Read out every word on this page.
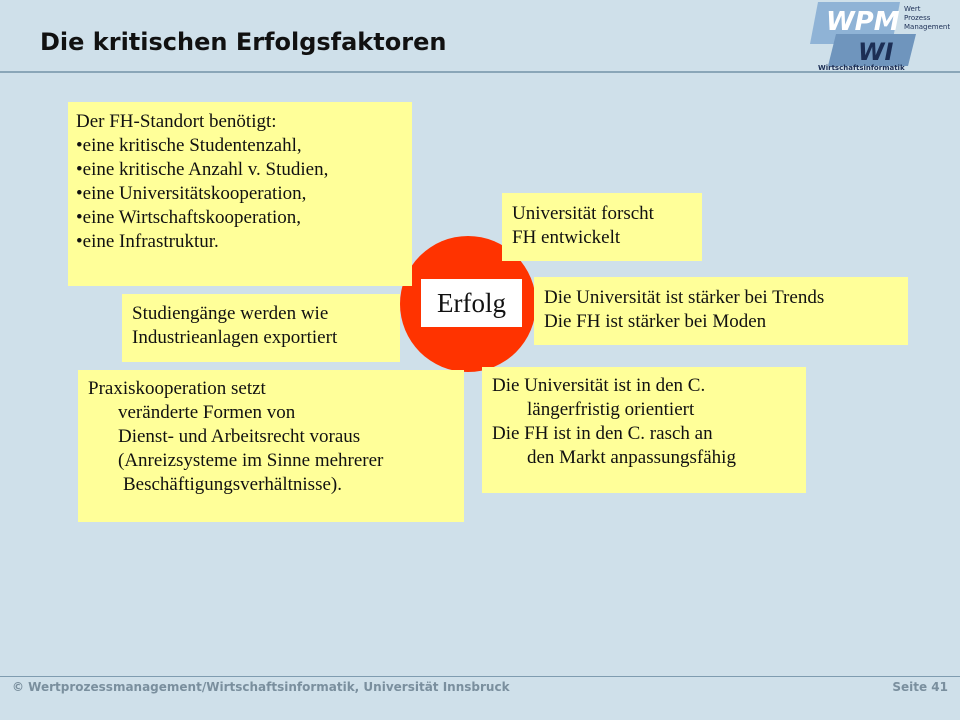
Die kritischen Erfolgsfaktoren
WPM
WI
Wert
Prozess
Management
Wirtschaftsinformatik
Erfolg
Der FH-Standort benötigt:
•eine kritische Studentenzahl,
•eine kritische Anzahl v. Studien,
•eine Universitätskooperation,
•eine Wirtschaftskooperation,
•eine Infrastruktur.
Universität forscht
FH entwickelt
Die Universität ist stärker bei Trends
Die FH ist stärker bei Moden
Studiengänge werden wie
Industrieanlagen exportiert
Praxiskooperation setzt
veränderte Formen von
Dienst- und Arbeitsrecht voraus
(Anreizsysteme im Sinne mehrerer
Beschäftigungsverhältnisse).
Die Universität ist in den C.
längerfristig orientiert
Die FH ist in den C. rasch an
den Markt anpassungsfähig
© Wertprozessmanagement/Wirtschaftsinformatik, Universität Innsbruck	Seite 41
